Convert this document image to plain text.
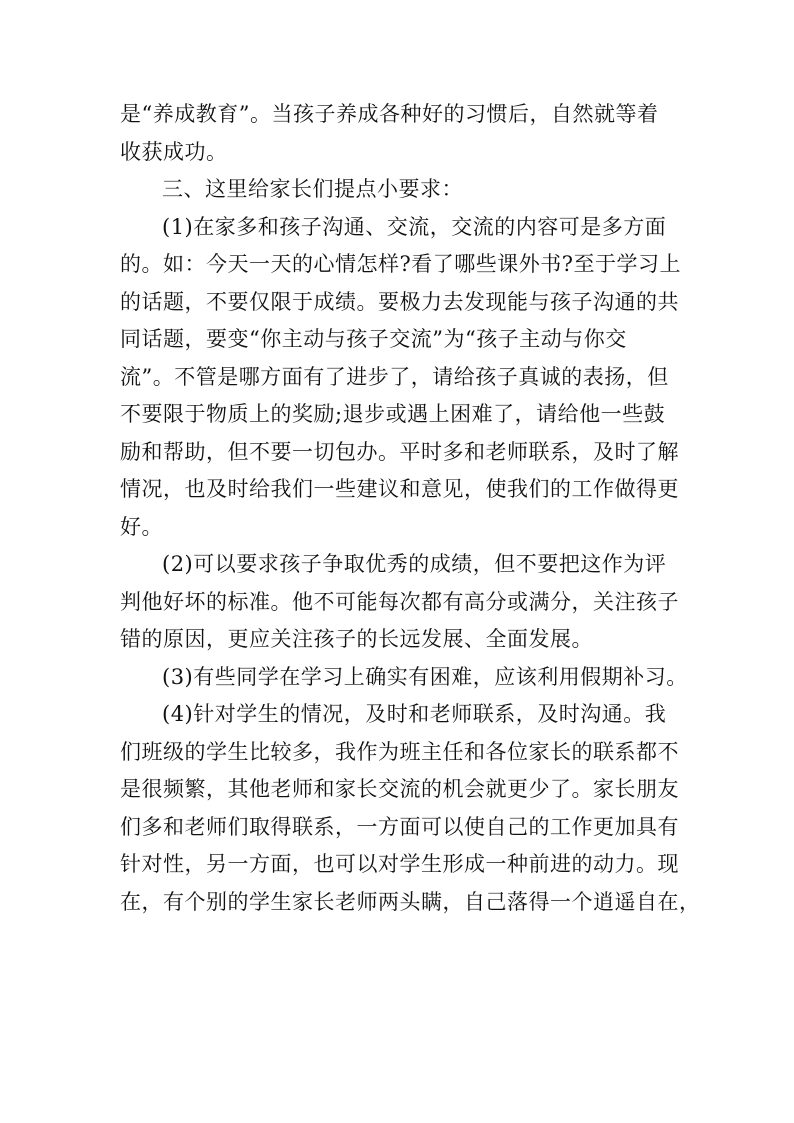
是“养成教育”。当孩子养成各种好的习惯后，自然就等着
收获成功。
三、这里给家长们提点小要求：
(1)在家多和孩子沟通、交流，交流的内容可是多方面
的。如：今天一天的心情怎样?看了哪些课外书?至于学习上
的话题，不要仅限于成绩。要极力去发现能与孩子沟通的共
同话题，要变“你主动与孩子交流”为“孩子主动与你交
流”。不管是哪方面有了进步了，请给孩子真诚的表扬，但
不要限于物质上的奖励;退步或遇上困难了，请给他一些鼓
励和帮助，但不要一切包办。平时多和老师联系，及时了解
情况，也及时给我们一些建议和意见，使我们的工作做得更
好。
(2)可以要求孩子争取优秀的成绩，但不要把这作为评
判他好坏的标准。他不可能每次都有高分或满分，关注孩子
错的原因，更应关注孩子的长远发展、全面发展。
(3)有些同学在学习上确实有困难，应该利用假期补习。
(4)针对学生的情况，及时和老师联系，及时沟通。我
们班级的学生比较多，我作为班主任和各位家长的联系都不
是很频繁，其他老师和家长交流的机会就更少了。家长朋友
们多和老师们取得联系，一方面可以使自己的工作更加具有
针对性，另一方面，也可以对学生形成一种前进的动力。现
在，有个别的学生家长老师两头瞒，自己落得一个逍遥自在，
